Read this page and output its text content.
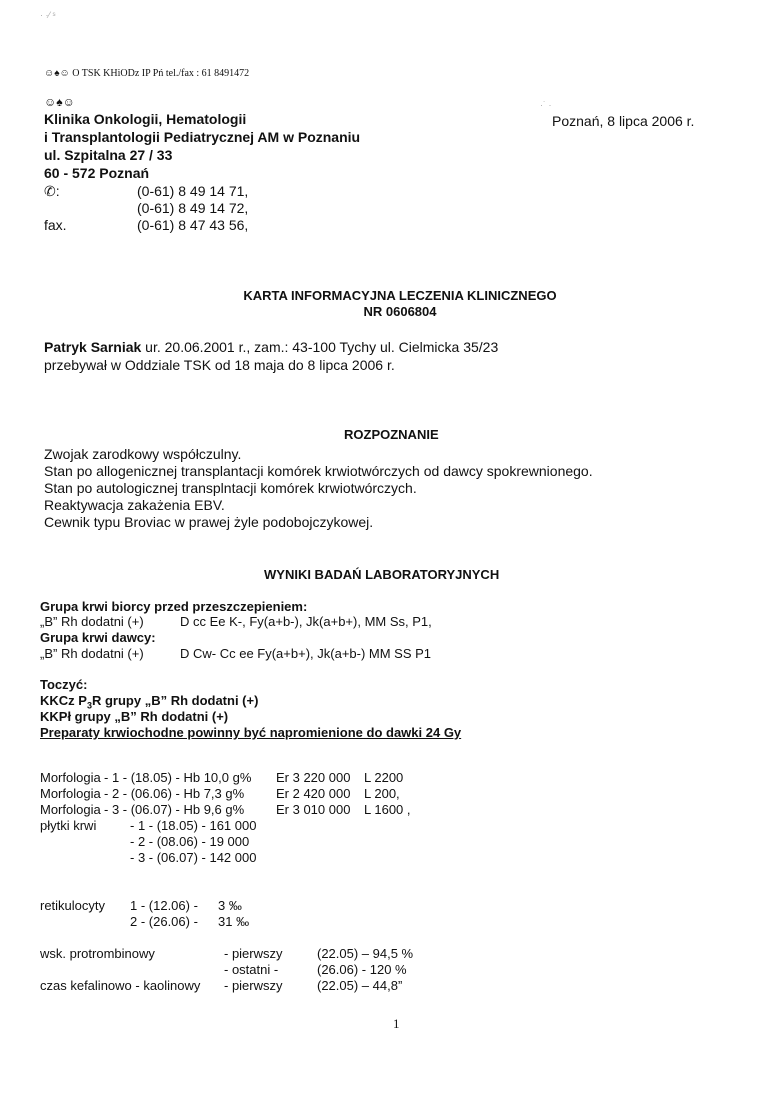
· ·⁄ ˢ
·˙ ·
☺♠☺ O TSK KHiODz IP Pń tel./fax : 61 8491472
☺♠☺
Klinika Onkologii, Hematologii
i Transplantologii Pediatrycznej AM w Poznaniu
ul. Szpitalna 27 / 33
60 - 572 Poznań
✆:	(0-61) 8 49 14 71,
(0-61) 8 49 14 72,
fax.	(0-61) 8 47 43 56,
Poznań, 8 lipca 2006 r.
KARTA INFORMACYJNA LECZENIA KLINICZNEGO
NR 0606804
Patryk Sarniak ur. 20.06.2001 r., zam.: 43-100 Tychy ul. Cielmicka 35/23
przebywał w Oddziale TSK od 18 maja do 8 lipca 2006 r.
ROZPOZNANIE
Zwojak zarodkowy współczulny.
Stan po allogenicznej transplantacji komórek krwiotwórczych od dawcy spokrewnionego.
Stan po autologicznej transplntacji komórek krwiotwórczych.
Reaktywacja zakażenia EBV.
Cewnik typu Broviac w prawej żyle podobojczykowej.
WYNIKI BADAŃ LABORATORYJNYCH
Grupa krwi biorcy przed przeszczepieniem:
„B” Rh dodatni (+)	D cc Ee K-, Fy(a+b-), Jk(a+b+), MM Ss, P1,
Grupa krwi dawcy:
„B” Rh dodatni (+)	D Cw- Cc ee Fy(a+b+), Jk(a+b-) MM SS P1
Toczyć:
KKCz $P_3R$ grupy „B” Rh dodatni (+)
KKPł grupy „B” Rh dodatni (+)
Preparaty krwiochodne powinny być napromienione do dawki 24 Gy
Morfologia	- 1 - (18.05) - Hb 10,0 g%	Er 3 220 000	L 2200
Morfologia	- 2 - (06.06) - Hb 7,3 g%	Er 2 420 000	L 200,
Morfologia	- 3 - (06.07) - Hb 9,6 g%	Er 3 010 000	L 1600 ,
płytki krwi	- 1 - (18.05) - 161 000
- 2 - (08.06) - 19 000
- 3 - (06.07) - 142 000
retikulocyty 1 - (12.06) - 3 ‰
2 - (26.06) - 31 ‰
wsk. protrombinowy	- pierwszy	(22.05) – 94,5 %
- ostatni -	(26.06) - 120 %
czas kefalinowo - kaolinowy - pierwszy	(22.05) – 44,8”
1
